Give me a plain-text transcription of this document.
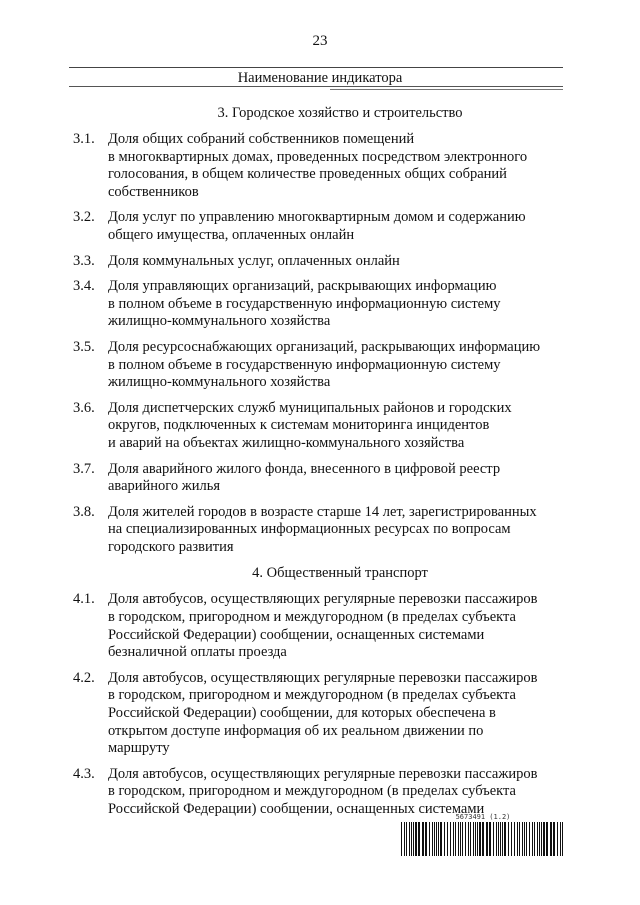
23
Наименование индикатора
3. Городское хозяйство и строительство
3.1. Доля общих собраний собственников помещений
в многоквартирных домах, проведенных посредством электронного
голосования, в общем количестве проведенных общих собраний
собственников
3.2. Доля услуг по управлению многоквартирным домом и содержанию
общего имущества, оплаченных онлайн
3.3. Доля коммунальных услуг, оплаченных онлайн
3.4. Доля управляющих организаций, раскрывающих информацию
в полном объеме в государственную информационную систему
жилищно-коммунального хозяйства
3.5. Доля ресурсоснабжающих организаций, раскрывающих информацию
в полном объеме в государственную информационную систему
жилищно-коммунального хозяйства
3.6. Доля диспетчерских служб муниципальных районов и городских
округов, подключенных к системам мониторинга инцидентов
и аварий на объектах жилищно-коммунального хозяйства
3.7. Доля аварийного жилого фонда, внесенного в цифровой реестр
аварийного жилья
3.8. Доля жителей городов в возрасте старше 14 лет, зарегистрированных
на специализированных информационных ресурсах по вопросам
городского развития
4. Общественный транспорт
4.1. Доля автобусов, осуществляющих регулярные перевозки пассажиров
в городском, пригородном и междугородном (в пределах субъекта
Российской Федерации) сообщении, оснащенных системами
безналичной оплаты проезда
4.2. Доля автобусов, осуществляющих регулярные перевозки пассажиров
в городском, пригородном и междугородном (в пределах субъекта
Российской Федерации) сообщении, для которых обеспечена в
открытом доступе информация об их реальном движении по
маршруту
4.3. Доля автобусов, осуществляющих регулярные перевозки пассажиров
в городском, пригородном и междугородном (в пределах субъекта
Российской Федерации) сообщении, оснащенных системами
5673491 (1.2)
